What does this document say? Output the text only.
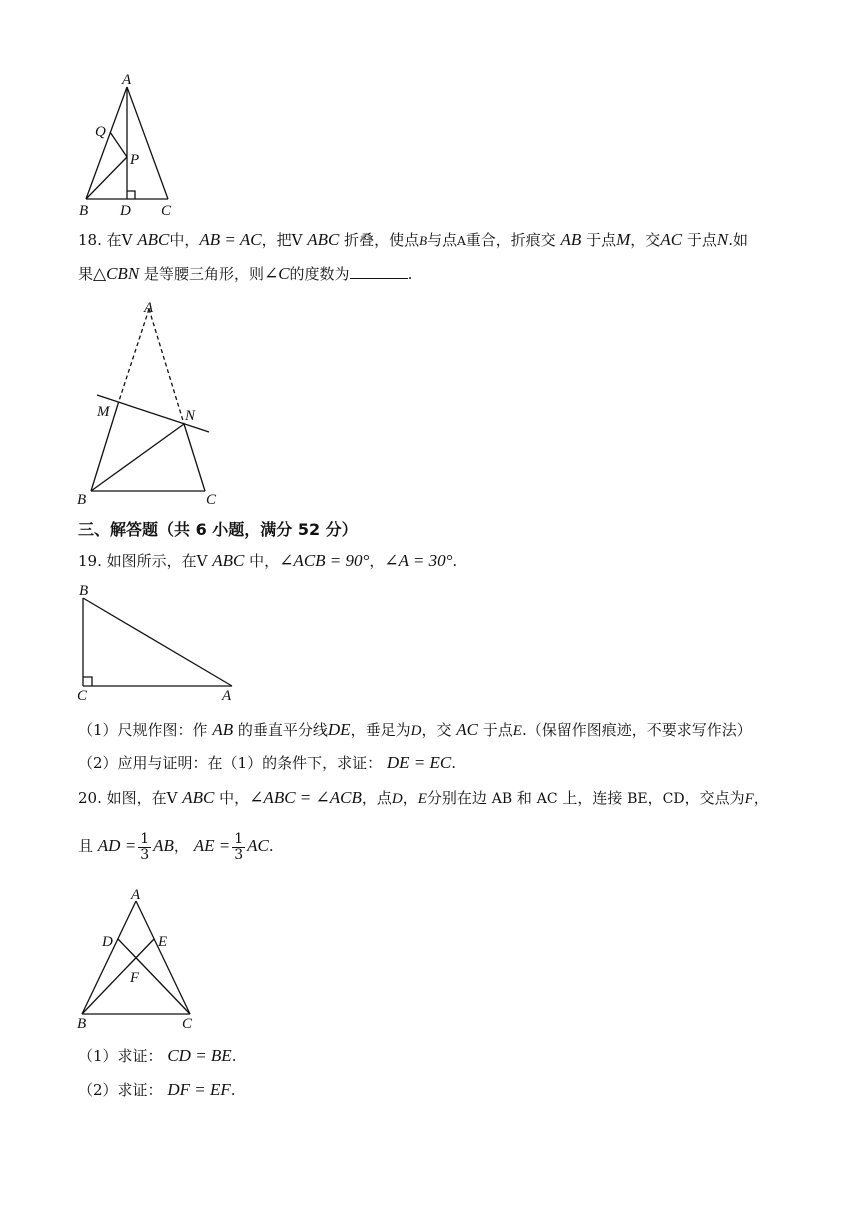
A
Q
P
B D C
18. 在V ABC中，AB = AC，把V ABC 折叠，使点B与点A重合，折痕交 AB 于点M，交AC 于点N.如
果△CBN 是等腰三角形，则∠C的度数为	.
A
M	N
B	C
三、解答题（共 6 小题，满分 52 分）
19. 如图所示，在V ABC 中，∠ACB = 90°，∠A = 30°.
B
C	A
（1）尺规作图：作 AB 的垂直平分线DE，垂足为D，交 AC 于点E.（保留作图痕迹，不要求写作法）
（2）应用与证明：在（1）的条件下，求证： DE = EC.
20. 如图，在V ABC 中，∠ABC = ∠ACB，点D，E分别在边 AB 和 AC 上，连接 BE，CD，交点为F，
且 AD = $\frac{1}{3}$ AB， AE = $\frac{1}{3}$ AC.
A
D	E
F
B	C
（1）求证： CD = BE.
（2）求证： DF = EF.
